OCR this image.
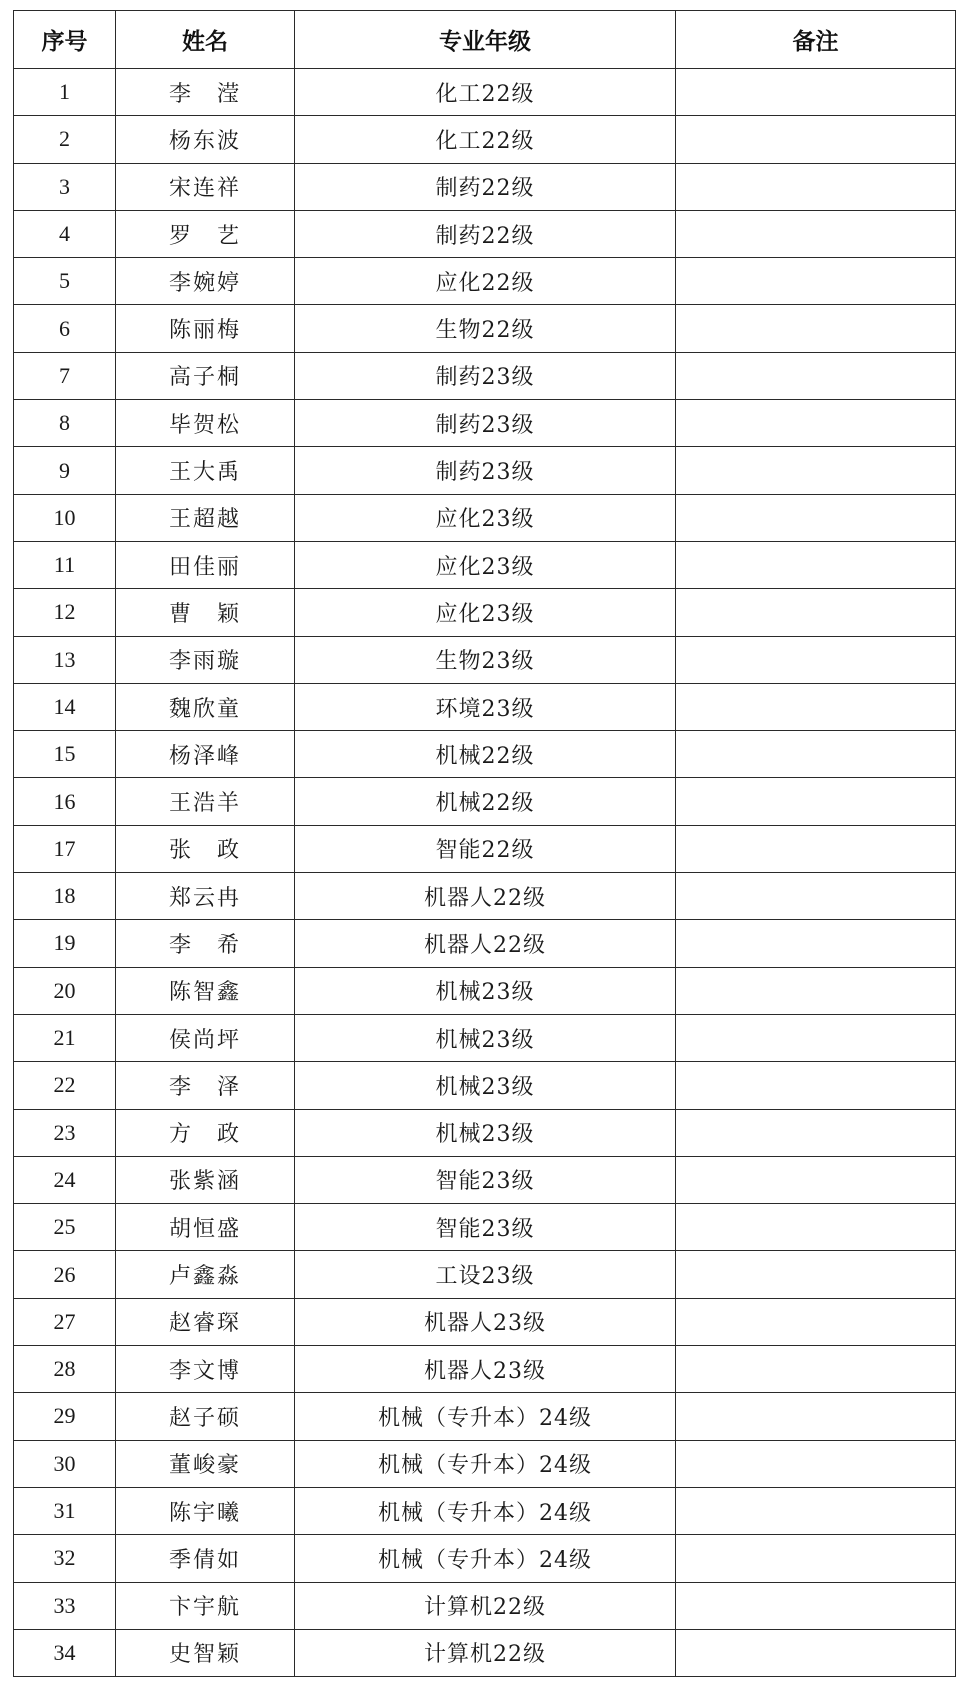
序号	姓名	专业年级	备注
1	李　滢	化工22级	
2	杨东波	化工22级	
3	宋连祥	制药22级	
4	罗　艺	制药22级	
5	李婉婷	应化22级	
6	陈丽梅	生物22级	
7	高子桐	制药23级	
8	毕贺松	制药23级	
9	王大禹	制药23级	
10	王超越	应化23级	
11	田佳丽	应化23级	
12	曹　颖	应化23级	
13	李雨璇	生物23级	
14	魏欣童	环境23级	
15	杨泽峰	机械22级	
16	王浩羊	机械22级	
17	张　政	智能22级	
18	郑云冉	机器人22级	
19	李　希	机器人22级	
20	陈智鑫	机械23级	
21	侯尚坪	机械23级	
22	李　泽	机械23级	
23	方　政	机械23级	
24	张紫涵	智能23级	
25	胡恒盛	智能23级	
26	卢鑫淼	工设23级	
27	赵睿琛	机器人23级	
28	李文博	机器人23级	
29	赵子硕	机械（专升本）24级	
30	董峻豪	机械（专升本）24级	
31	陈宇曦	机械（专升本）24级	
32	季倩如	机械（专升本）24级	
33	卞宇航	计算机22级	
34	史智颖	计算机22级	
